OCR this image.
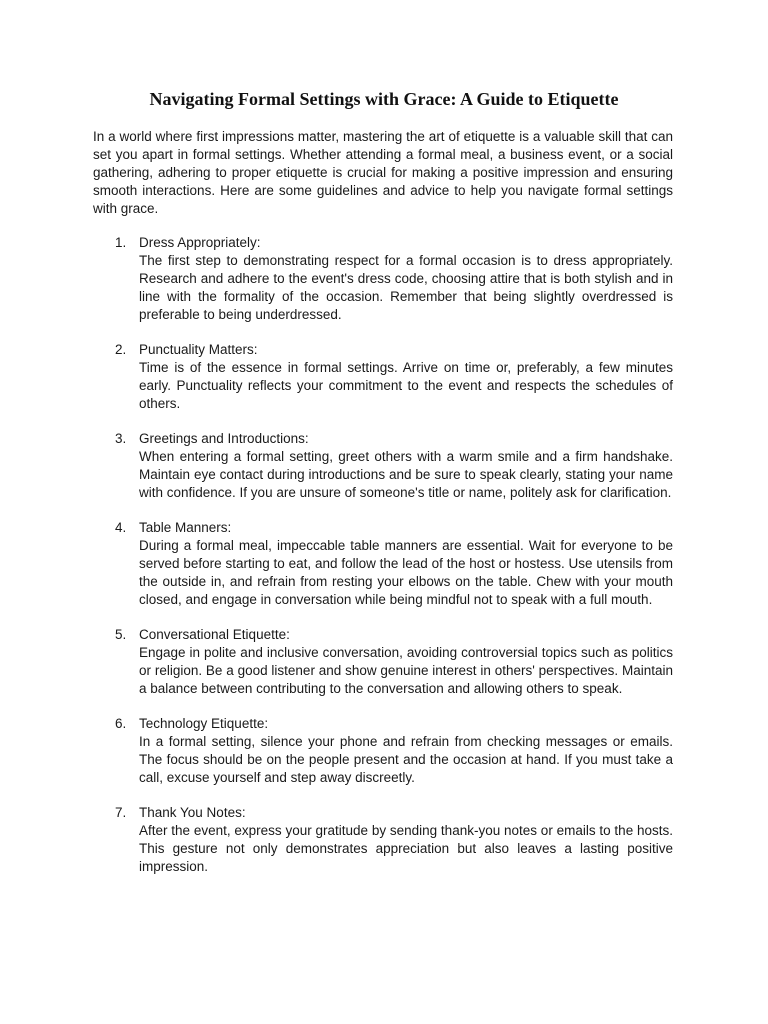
Navigating Formal Settings with Grace: A Guide to Etiquette

In a world where first impressions matter, mastering the art of etiquette is a valuable skill that can set you apart in formal settings. Whether attending a formal meal, a business event, or a social gathering, adhering to proper etiquette is crucial for making a positive impression and ensuring smooth interactions. Here are some guidelines and advice to help you navigate formal settings with grace.

1. Dress Appropriately:
The first step to demonstrating respect for a formal occasion is to dress appropriately. Research and adhere to the event's dress code, choosing attire that is both stylish and in line with the formality of the occasion. Remember that being slightly overdressed is preferable to being underdressed.
2. Punctuality Matters:
Time is of the essence in formal settings. Arrive on time or, preferably, a few minutes early. Punctuality reflects your commitment to the event and respects the schedules of others.
3. Greetings and Introductions:
When entering a formal setting, greet others with a warm smile and a firm handshake. Maintain eye contact during introductions and be sure to speak clearly, stating your name with confidence. If you are unsure of someone's title or name, politely ask for clarification.
4. Table Manners:
During a formal meal, impeccable table manners are essential. Wait for everyone to be served before starting to eat, and follow the lead of the host or hostess. Use utensils from the outside in, and refrain from resting your elbows on the table. Chew with your mouth closed, and engage in conversation while being mindful not to speak with a full mouth.
5. Conversational Etiquette:
Engage in polite and inclusive conversation, avoiding controversial topics such as politics or religion. Be a good listener and show genuine interest in others' perspectives. Maintain a balance between contributing to the conversation and allowing others to speak.
6. Technology Etiquette:
In a formal setting, silence your phone and refrain from checking messages or emails. The focus should be on the people present and the occasion at hand. If you must take a call, excuse yourself and step away discreetly.
7. Thank You Notes:
After the event, express your gratitude by sending thank-you notes or emails to the hosts. This gesture not only demonstrates appreciation but also leaves a lasting positive impression.
